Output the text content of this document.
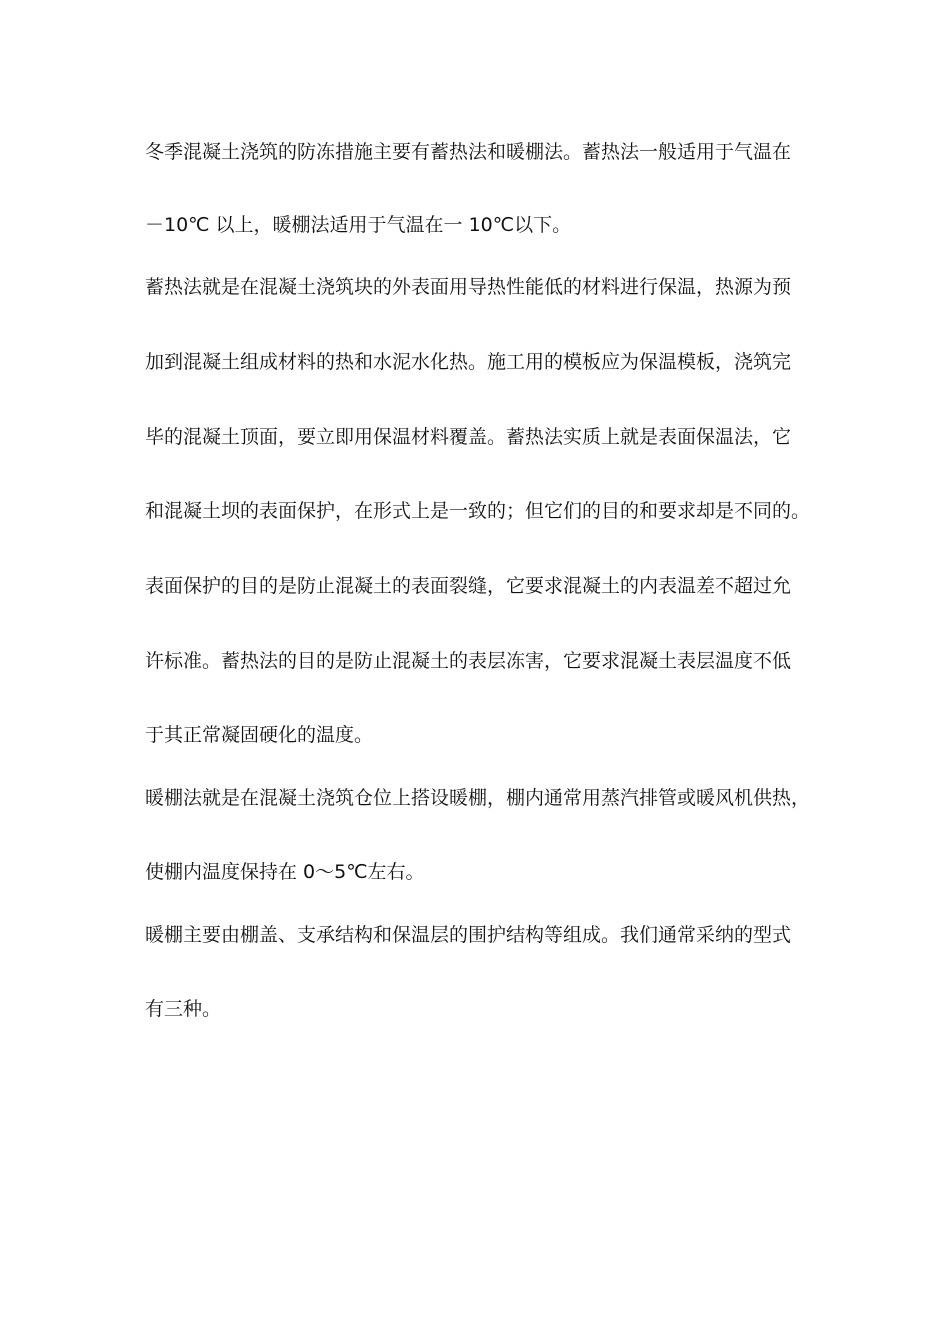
冬季混凝土浇筑的防冻措施主要有蓄热法和暖棚法。蓄热法一般适用于气温在
－10℃ 以上，暖棚法适用于气温在一 10℃以下。
蓄热法就是在混凝土浇筑块的外表面用导热性能低的材料进行保温，热源为预
加到混凝土组成材料的热和水泥水化热。施工用的模板应为保温模板，浇筑完
毕的混凝土顶面，要立即用保温材料覆盖。蓄热法实质上就是表面保温法，它
和混凝土坝的表面保护，在形式上是一致的；但它们的目的和要求却是不同的。
表面保护的目的是防止混凝土的表面裂缝，它要求混凝土的内表温差不超过允
许标准。蓄热法的目的是防止混凝土的表层冻害，它要求混凝土表层温度不低
于其正常凝固硬化的温度。
暖棚法就是在混凝土浇筑仓位上搭设暖棚，棚内通常用蒸汽排管或暖风机供热，
使棚内温度保持在 0～5℃左右。
暖棚主要由棚盖、支承结构和保温层的围护结构等组成。我们通常采纳的型式
有三种。
